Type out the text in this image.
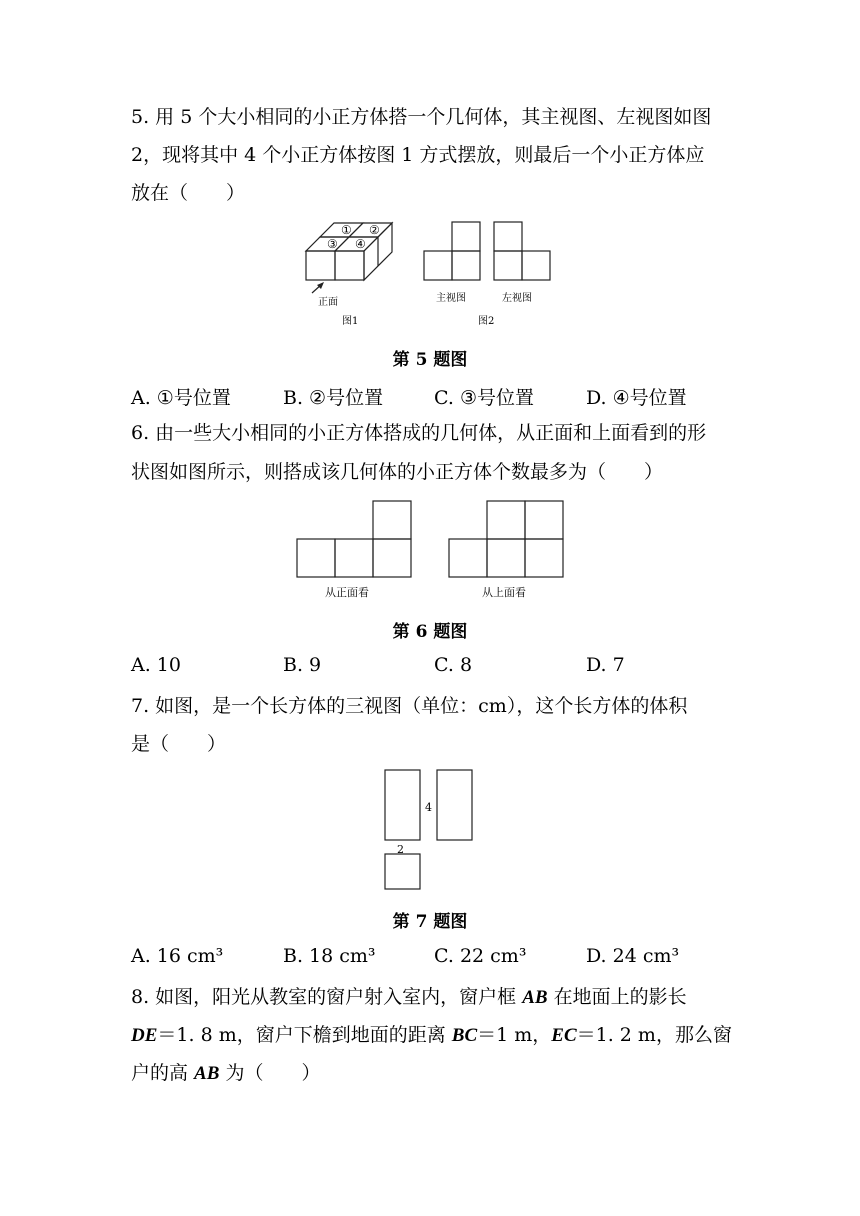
5. 用 5 个大小相同的小正方体搭一个几何体，其主视图、左视图如图
2，现将其中 4 个小正方体按图 1 方式摆放，则最后一个小正方体应
放在（　　）
① ②
③ ④
正面
图1
主视图	左视图
图2
第 5 题图
A. ①号位置	B. ②号位置	C. ③号位置	D. ④号位置
6. 由一些大小相同的小正方体搭成的几何体，从正面和上面看到的形
状图如图所示，则搭成该几何体的小正方体个数最多为（　　）
从正面看	从上面看
第 6 题图
A. 10	B. 9	C. 8	D. 7
7. 如图，是一个长方体的三视图（单位：cm），这个长方体的体积
是（　　）
4
2
第 7 题图
A. 16 cm³	B. 18 cm³	C. 22 cm³	D. 24 cm³
8. 如图，阳光从教室的窗户射入室内，窗户框 AB 在地面上的影长
DE＝1. 8 m，窗户下檐到地面的距离 BC＝1 m，EC＝1. 2 m，那么窗
户的高 AB 为（　　）
